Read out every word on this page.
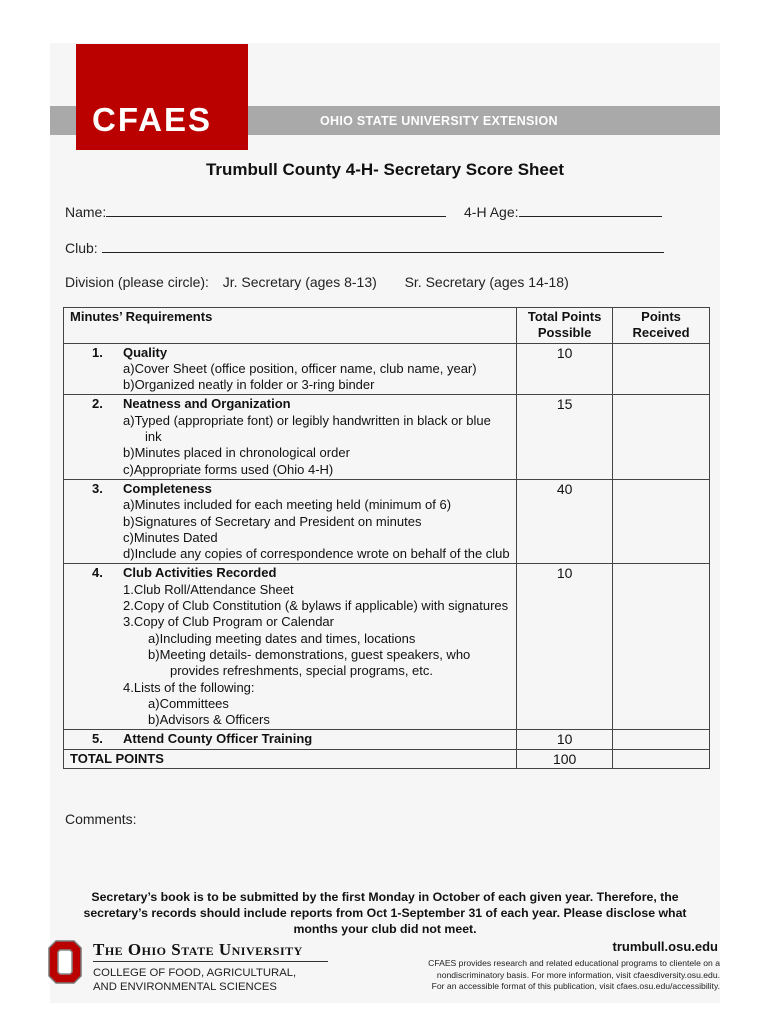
OHIO STATE UNIVERSITY EXTENSION
CFAES
Trumbull County 4-H- Secretary Score Sheet
Name:	4-H Age:
Club:
Division (please circle): Jr. Secretary (ages 8-13) Sr. Secretary (ages 14-18)
Minutes’ Requirements	Total Points Possible	Points Received

1. Quality
a)Cover Sheet (office position, officer name, club name, year)
b)Organized neatly in folder or 3-ring binder	10	

2. Neatness and Organization
a)Typed (appropriate font) or legibly handwritten in black or blue ink
b)Minutes placed in chronological order
c)Appropriate forms used (Ohio 4-H)	15	

3. Completeness
a)Minutes included for each meeting held (minimum of 6)
b)Signatures of Secretary and President on minutes
c)Minutes Dated
d)Include any copies of correspondence wrote on behalf of the club	40	

4. Club Activities Recorded
1.Club Roll/Attendance Sheet
2.Copy of Club Constitution (& bylaws if applicable) with signatures
3.Copy of Club Program or Calendar
a)Including meeting dates and times, locations
b)Meeting details- demonstrations, guest speakers, who provides refreshments, special programs, etc.
4.Lists of the following:
a)Committees
b)Advisors & Officers
	10	

5. Attend County Officer Training	10	
TOTAL POINTS	100	
Comments:
Secretary’s book is to be submitted by the first Monday in October of each given year. Therefore, the secretary’s records should include reports from Oct 1-September 31 of each year. Please disclose what months your club did not meet.
The Ohio State University
COLLEGE OF FOOD, AGRICULTURAL,
AND ENVIRONMENTAL SCIENCES
trumbull.osu.edu
CFAES provides research and related educational programs to clientele on a
nondiscriminatory basis. For more information, visit cfaesdiversity.osu.edu.
For an accessible format of this publication, visit cfaes.osu.edu/accessibility.
